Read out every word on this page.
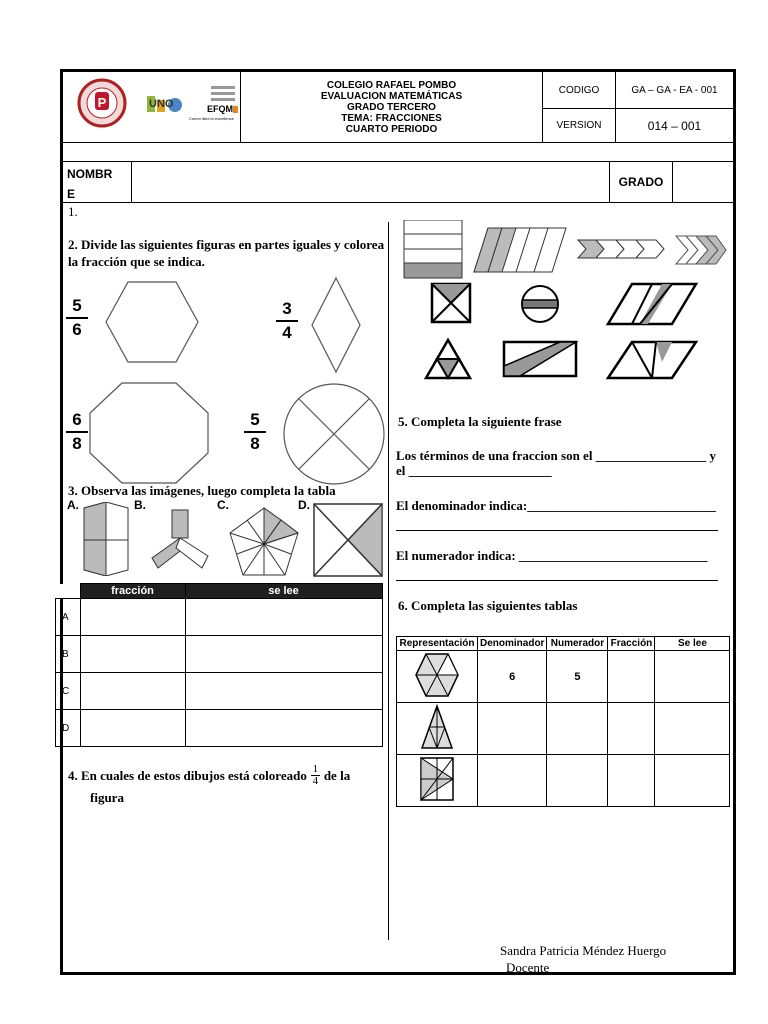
P	UNO	EFQM
Comm itted to excellence
COLEGIO RAFAEL POMBO
EVALUACION MATEMÁTICAS
GRADO TERCERO
TEMA: FRACCIONES
CUARTO PERIODO
CODIGO	GA – GA - EA - 001
VERSION	014 – 001
NOMBR
E
GRADO
1.
2. Divide las siguientes figuras en partes iguales y colorea la fracción que se indica.
5
6
3
4
6
8
5
8
3. Observa las imágenes, luego completa la tabla
A.	B.	C.	D.
	fracción	se lee
A		
B		
C		
D		
4. En cuales de estos dibujos está coloreado 1
4 de la
figura
5. Completa la siguiente frase
Los términos de una fraccion son el _________________ y
el ______________________
El denominador indica:_____________________________
El numerador indica: _____________________________
6. Completa las siguientes tablas
Representación	Denominador	Numerador	Fracción	Se lee
	6	5		

Sandra Patricia Méndez Huergo
Docente
